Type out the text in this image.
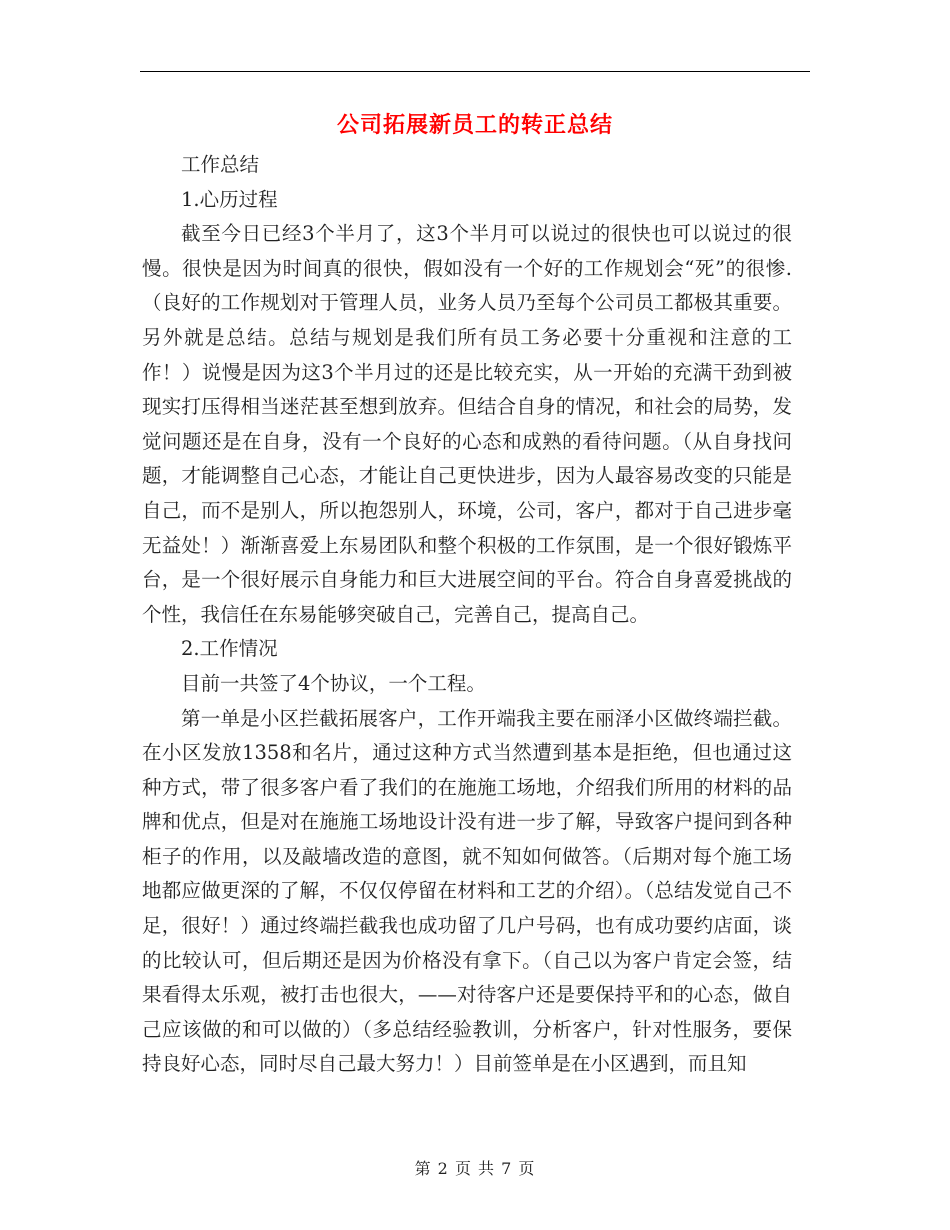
公司拓展新员工的转正总结

工作总结

1.心历过程

截至今日已经3个半月了，这3个半月可以说过的很快也可以说过的很慢。很快是因为时间真的很快，假如没有一个好的工作规划会“死”的很惨.（良好的工作规划对于管理人员，业务人员乃至每个公司员工都极其重要。另外就是总结。总结与规划是我们所有员工务必要十分重视和注意的工作！）说慢是因为这3个半月过的还是比较充实，从一开始的充满干劲到被现实打压得相当迷茫甚至想到放弃。但结合自身的情况，和社会的局势，发觉问题还是在自身，没有一个良好的心态和成熟的看待问题。（从自身找问题，才能调整自己心态，才能让自己更快进步，因为人最容易改变的只能是自己，而不是别人，所以抱怨别人，环境，公司，客户，都对于自己进步毫无益处！）渐渐喜爱上东易团队和整个积极的工作氛围，是一个很好锻炼平台，是一个很好展示自身能力和巨大进展空间的平台。符合自身喜爱挑战的个性，我信任在东易能够突破自己，完善自己，提高自己。

2.工作情况

目前一共签了4个协议，一个工程。

第一单是小区拦截拓展客户，工作开端我主要在丽泽小区做终端拦截。在小区发放1358和名片，通过这种方式当然遭到基本是拒绝，但也通过这种方式，带了很多客户看了我们的在施施工场地，介绍我们所用的材料的品牌和优点，但是对在施施工场地设计没有进一步了解，导致客户提问到各种柜子的作用，以及敲墙改造的意图，就不知如何做答。（后期对每个施工场地都应做更深的了解，不仅仅停留在材料和工艺的介绍）。（总结发觉自己不足，很好！）通过终端拦截我也成功留了几户号码，也有成功要约店面，谈的比较认可，但后期还是因为价格没有拿下。（自己以为客户肯定会签，结果看得太乐观，被打击也很大，——对待客户还是要保持平和的心态，做自己应该做的和可以做的）（多总结经验教训，分析客户，针对性服务，要保持良好心态，同时尽自己最大努力！）目前签单是在小区遇到，而且知

第 2 页 共 7 页
